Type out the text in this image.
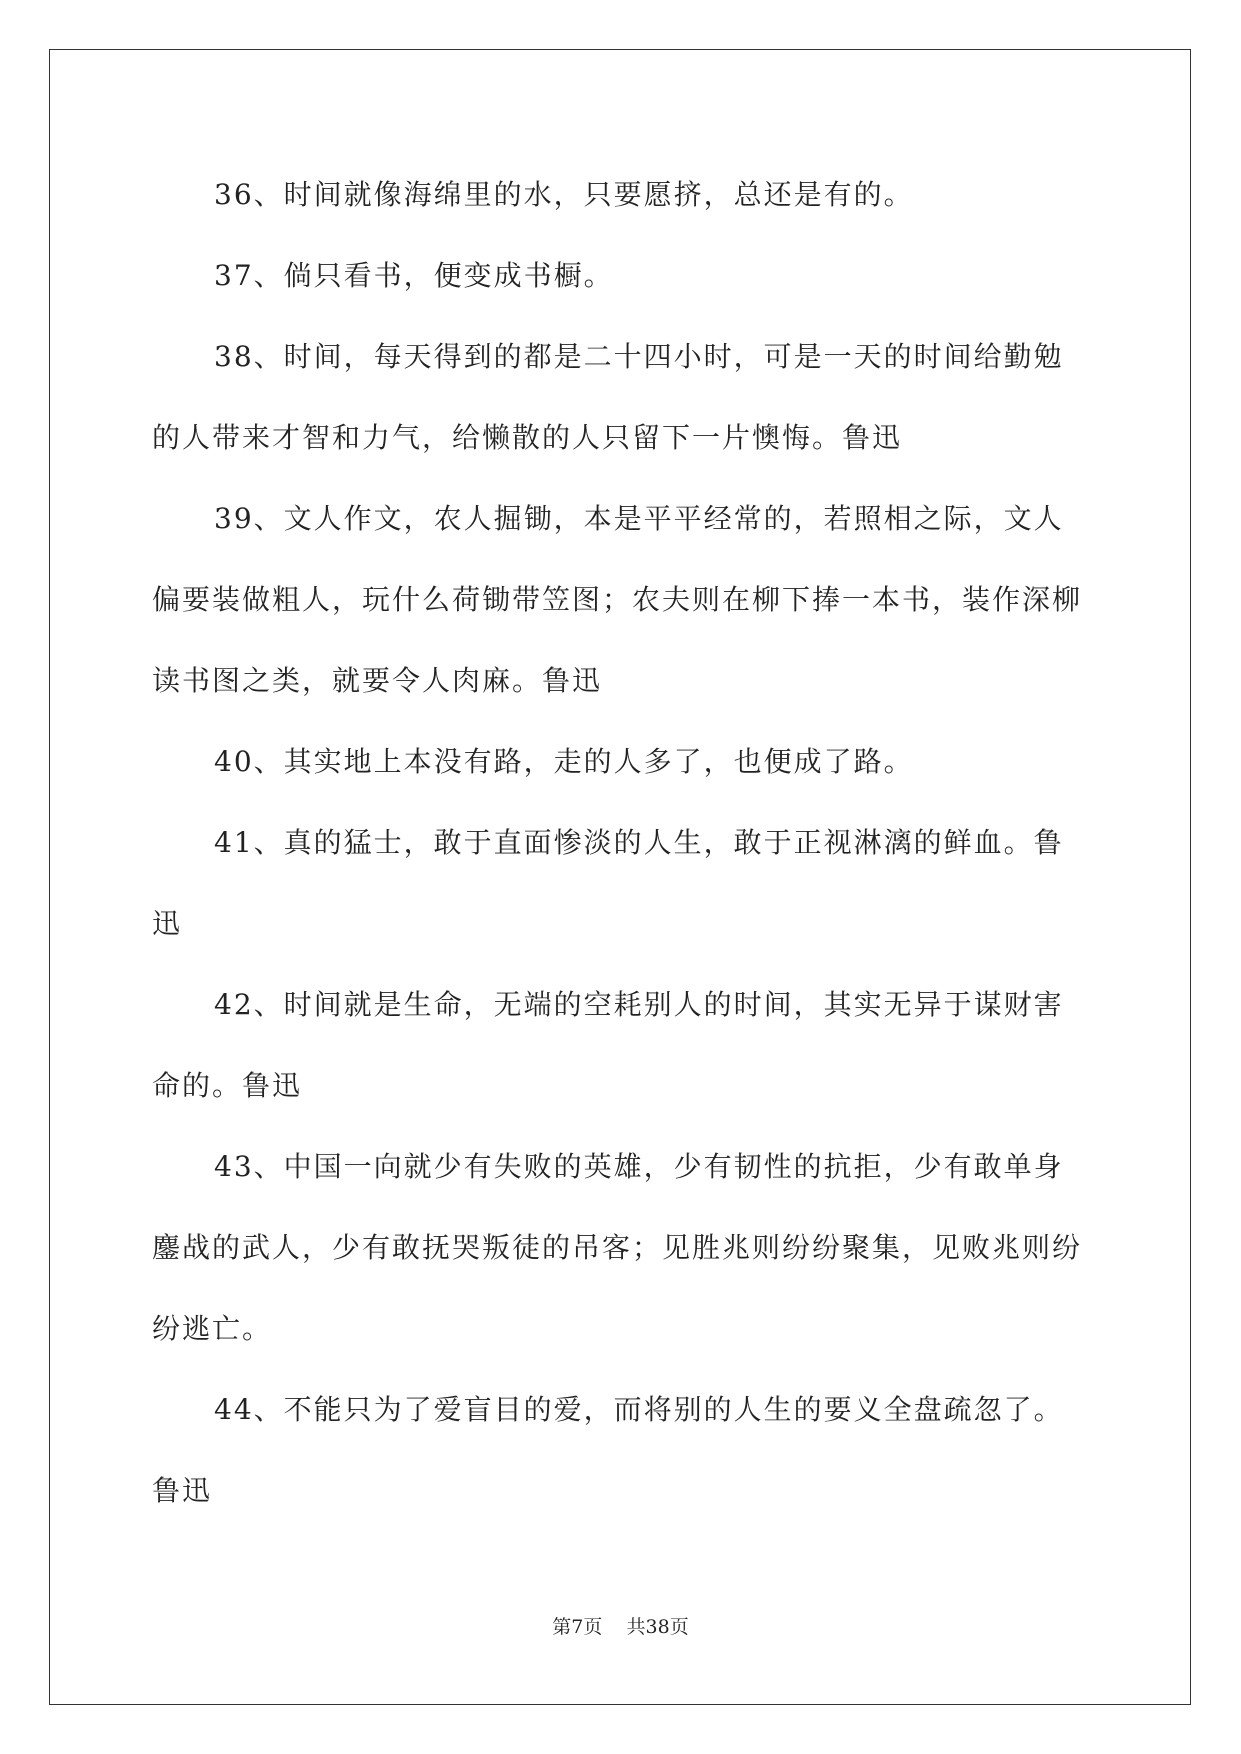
36、时间就像海绵里的水，只要愿挤，总还是有的。

37、倘只看书，便变成书橱。

38、时间，每天得到的都是二十四小时，可是一天的时间给勤勉的人带来才智和力气，给懒散的人只留下一片懊悔。鲁迅

39、文人作文，农人掘锄，本是平平经常的，若照相之际，文人偏要装做粗人，玩什么荷锄带笠图；农夫则在柳下捧一本书，装作深柳读书图之类，就要令人肉麻。鲁迅

40、其实地上本没有路，走的人多了，也便成了路。

41、真的猛士，敢于直面惨淡的人生，敢于正视淋漓的鲜血。鲁迅

42、时间就是生命，无端的空耗别人的时间，其实无异于谋财害命的。鲁迅

43、中国一向就少有失败的英雄，少有韧性的抗拒，少有敢单身鏖战的武人，少有敢抚哭叛徒的吊客；见胜兆则纷纷聚集，见败兆则纷纷逃亡。

44、不能只为了爱盲目的爱，而将别的人生的要义全盘疏忽了。鲁迅

第7页 共38页
